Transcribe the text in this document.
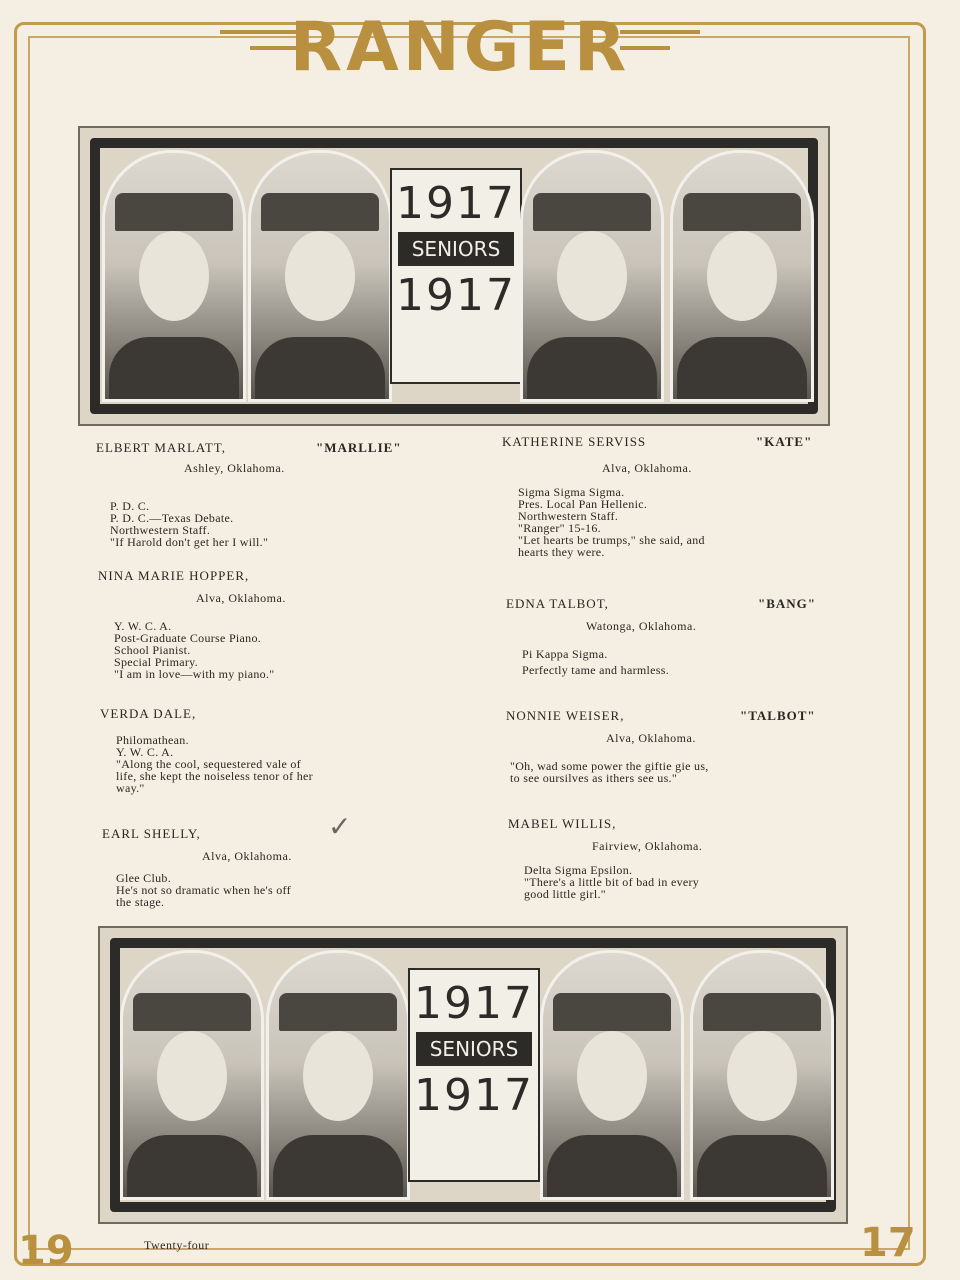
RANGER
1917
SENIORS
1917
ELBERT MARLATT,	"MARLLIE"
Ashley, Oklahoma.
P. D. C.
P. D. C.—Texas Debate.
Northwestern Staff.
"If Harold don't get her I will."
NINA MARIE HOPPER,
Alva, Oklahoma.
Y. W. C. A.
Post-Graduate Course Piano.
School Pianist.
Special Primary.
"I am in love—with my piano."
VERDA DALE,
Philomathean.
Y. W. C. A.
"Along the cool, sequestered vale of
life, she kept the noiseless tenor of her
way."
EARL SHELLY,
Alva, Oklahoma.
Glee Club.
He's not so dramatic when he's off
the stage.
✓
KATHERINE SERVISS	"KATE"
Alva, Oklahoma.
Sigma Sigma Sigma.
Pres. Local Pan Hellenic.
Northwestern Staff.
"Ranger" 15-16.
"Let hearts be trumps," she said, and
hearts they were.
EDNA TALBOT,	"BANG"
Watonga, Oklahoma.
Pi Kappa Sigma.
Perfectly tame and harmless.
NONNIE WEISER,	"TALBOT"
Alva, Oklahoma.
"Oh, wad some power the giftie gie us,
to see oursilves as ithers see us."
MABEL WILLIS,
Fairview, Oklahoma.
Delta Sigma Epsilon.
"There's a little bit of bad in every
good little girl."
1917
SENIORS
1917
19	Twenty-four	17
